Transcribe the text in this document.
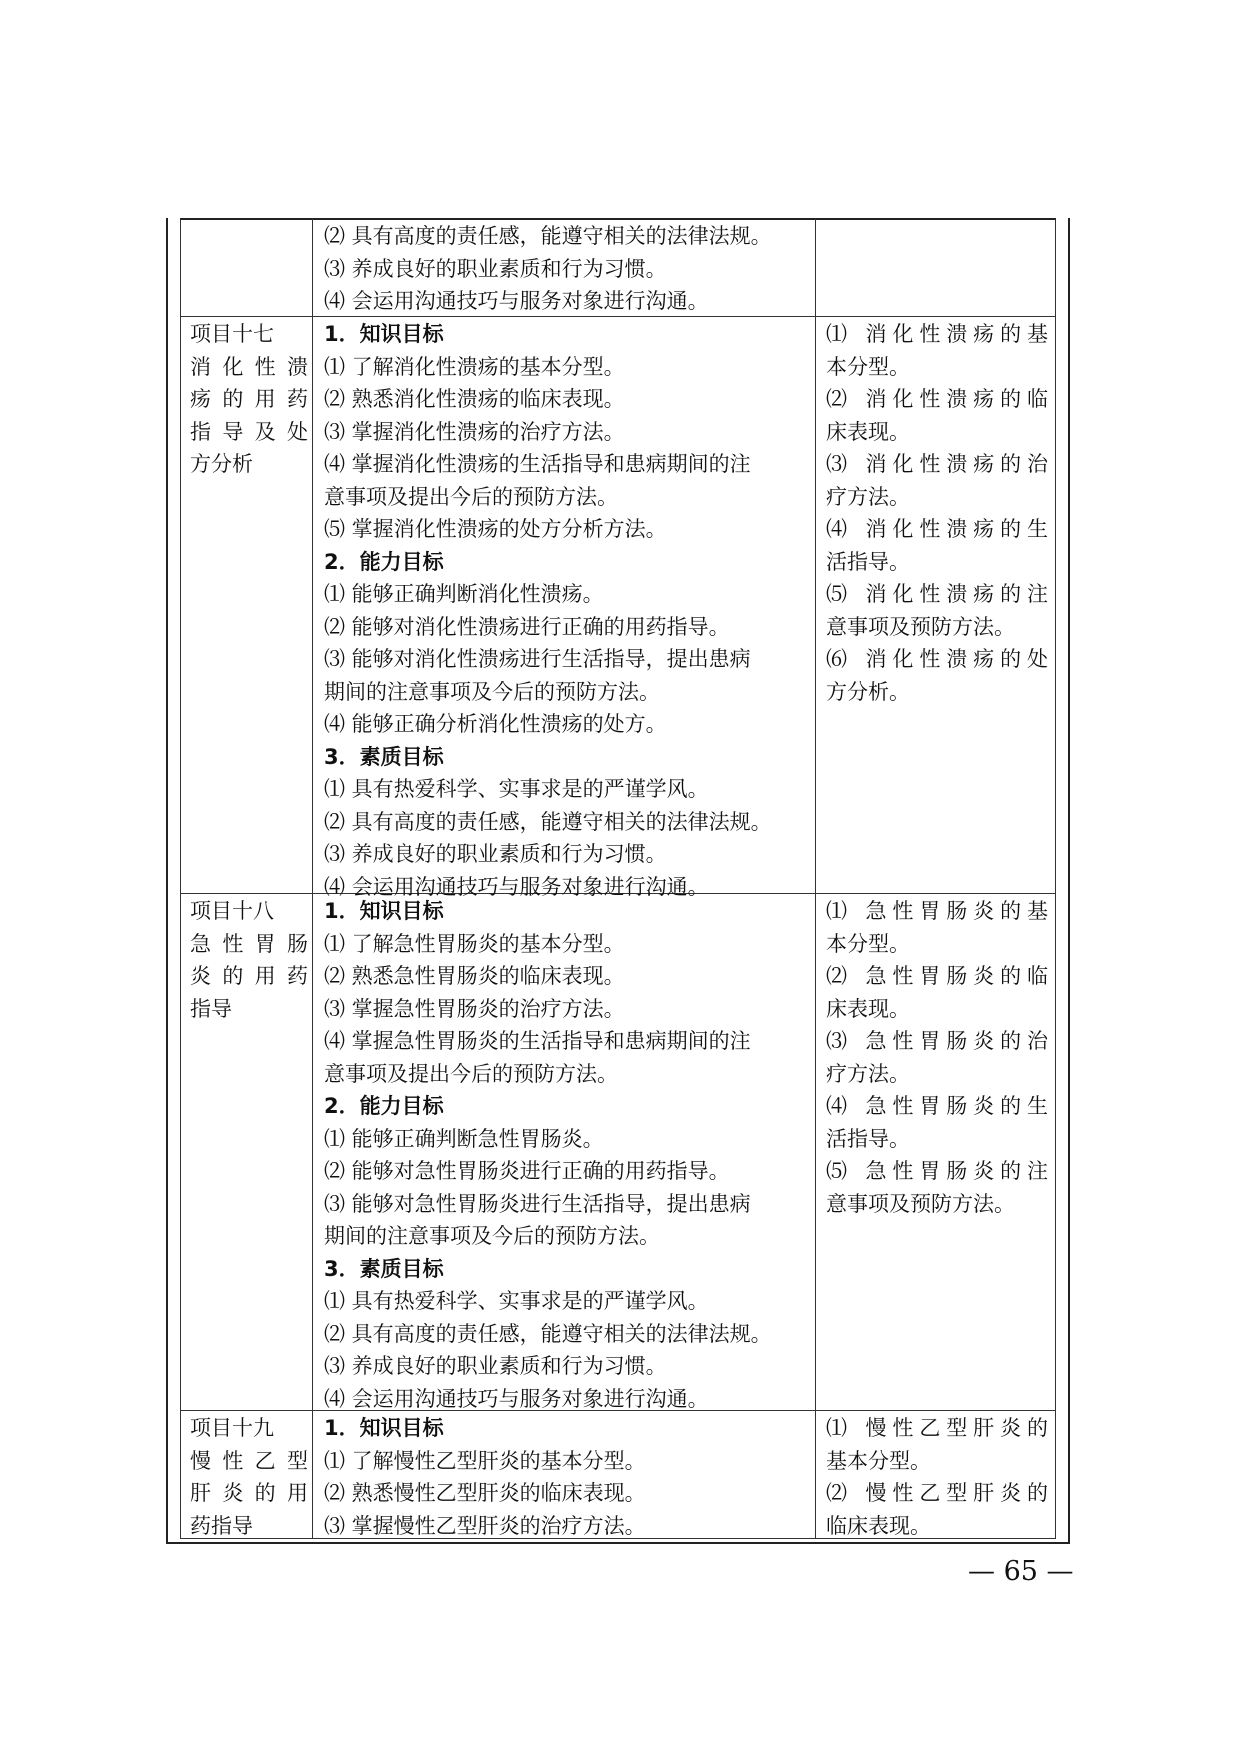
⑵ 具有高度的责任感，能遵守相关的法律法规。
⑶ 养成良好的职业素质和行为习惯。
⑷ 会运用沟通技巧与服务对象进行沟通。
项目十七
消化性溃
疡的用药
指导及处
方分析
1．知识目标
⑴ 了解消化性溃疡的基本分型。
⑵ 熟悉消化性溃疡的临床表现。
⑶ 掌握消化性溃疡的治疗方法。
⑷ 掌握消化性溃疡的生活指导和患病期间的注
意事项及提出今后的预防方法。
⑸ 掌握消化性溃疡的处方分析方法。
2．能力目标
⑴ 能够正确判断消化性溃疡。
⑵ 能够对消化性溃疡进行正确的用药指导。
⑶ 能够对消化性溃疡进行生活指导，提出患病
期间的注意事项及今后的预防方法。
⑷ 能够正确分析消化性溃疡的处方。
3．素质目标
⑴ 具有热爱科学、实事求是的严谨学风。
⑵ 具有高度的责任感，能遵守相关的法律法规。
⑶ 养成良好的职业素质和行为习惯。
⑷ 会运用沟通技巧与服务对象进行沟通。
⑴ 消化性溃疡的基
本分型。
⑵ 消化性溃疡的临
床表现。
⑶ 消化性溃疡的治
疗方法。
⑷ 消化性溃疡的生
活指导。
⑸ 消化性溃疡的注
意事项及预防方法。
⑹ 消化性溃疡的处
方分析。
项目十八
急性胃肠
炎的用药
指导
1．知识目标
⑴ 了解急性胃肠炎的基本分型。
⑵ 熟悉急性胃肠炎的临床表现。
⑶ 掌握急性胃肠炎的治疗方法。
⑷ 掌握急性胃肠炎的生活指导和患病期间的注
意事项及提出今后的预防方法。
2．能力目标
⑴ 能够正确判断急性胃肠炎。
⑵ 能够对急性胃肠炎进行正确的用药指导。
⑶ 能够对急性胃肠炎进行生活指导，提出患病
期间的注意事项及今后的预防方法。
3．素质目标
⑴ 具有热爱科学、实事求是的严谨学风。
⑵ 具有高度的责任感，能遵守相关的法律法规。
⑶ 养成良好的职业素质和行为习惯。
⑷ 会运用沟通技巧与服务对象进行沟通。
⑴ 急性胃肠炎的基
本分型。
⑵ 急性胃肠炎的临
床表现。
⑶ 急性胃肠炎的治
疗方法。
⑷ 急性胃肠炎的生
活指导。
⑸ 急性胃肠炎的注
意事项及预防方法。
项目十九
慢性乙型
肝炎的用
药指导
1．知识目标
⑴ 了解慢性乙型肝炎的基本分型。
⑵ 熟悉慢性乙型肝炎的临床表现。
⑶ 掌握慢性乙型肝炎的治疗方法。
⑴ 慢性乙型肝炎的
基本分型。
⑵ 慢性乙型肝炎的
临床表现。
— 65 —
